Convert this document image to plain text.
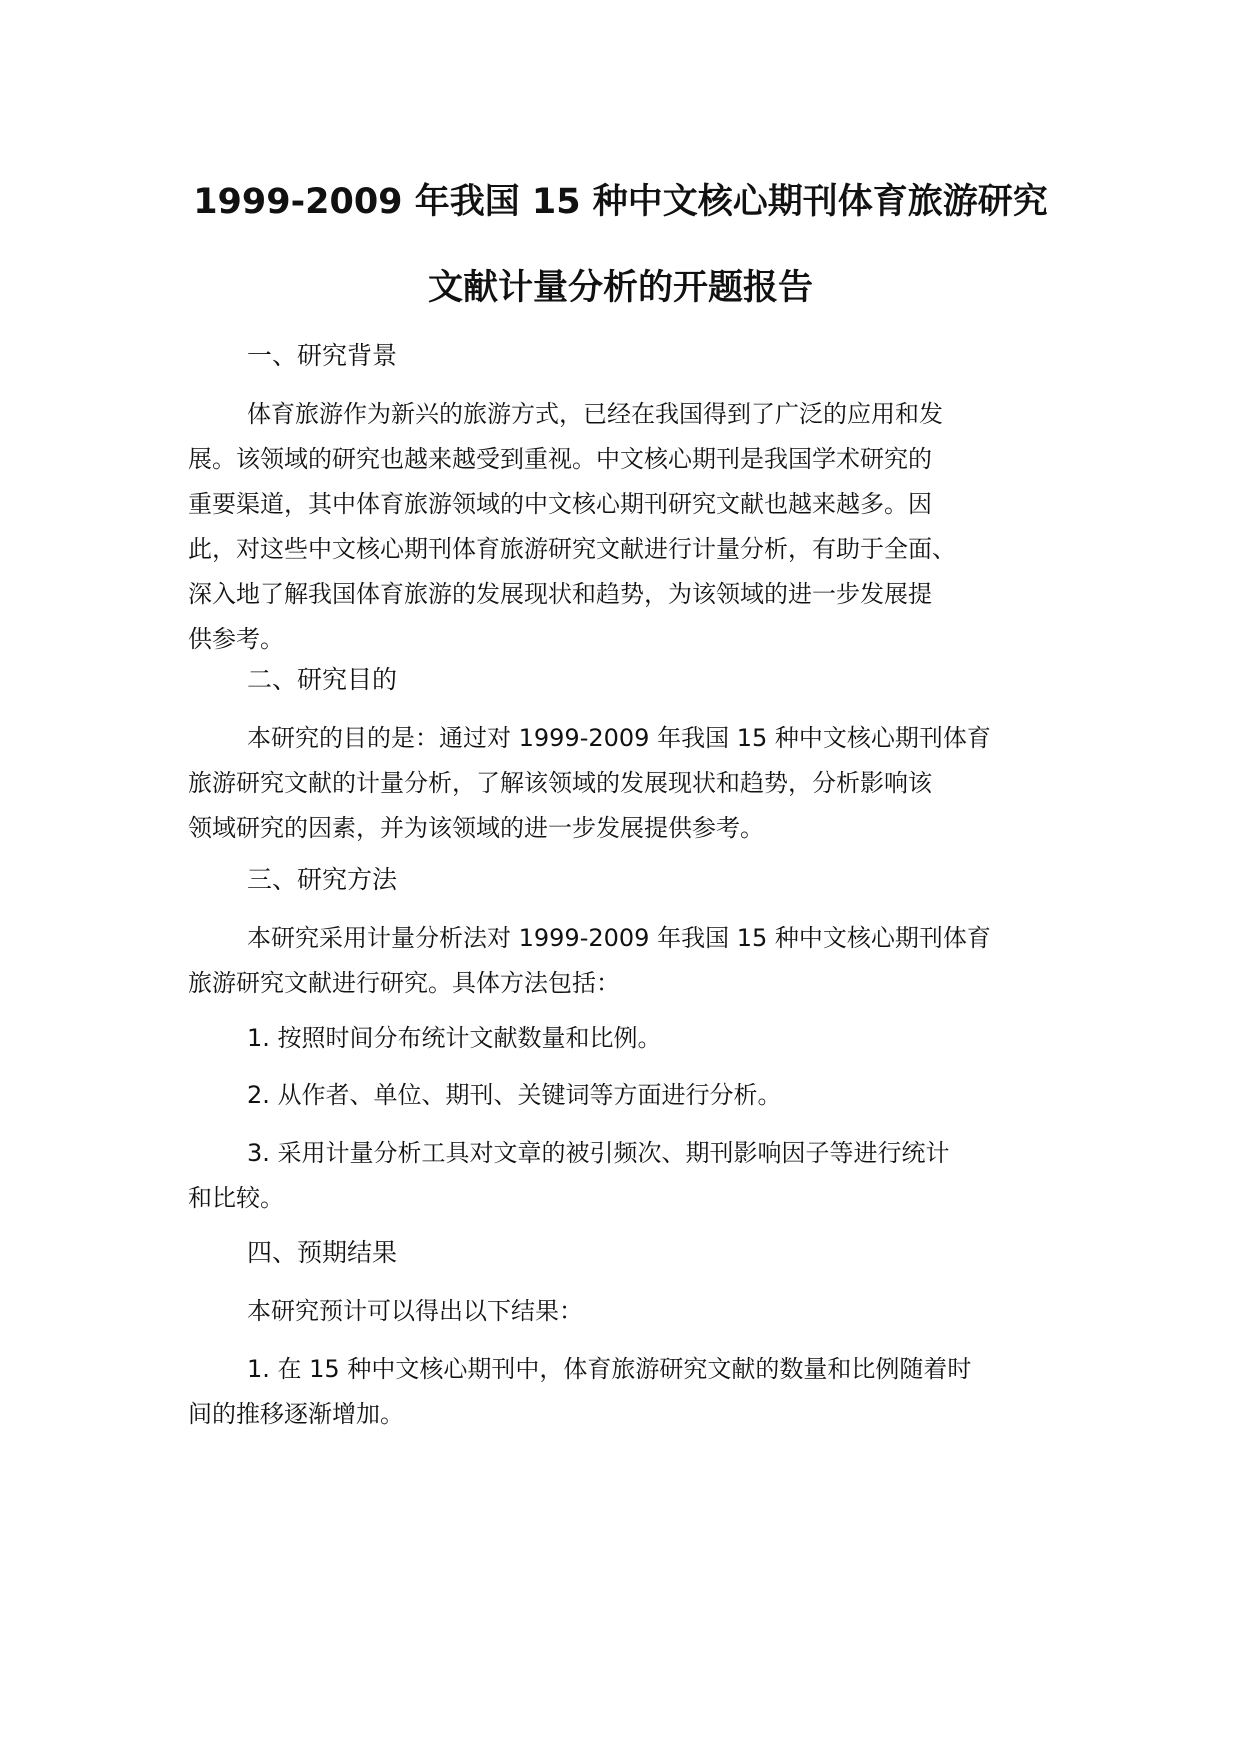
1999-2009 年我国 15 种中文核心期刊体育旅游研究
文献计量分析的开题报告

一、研究背景

体育旅游作为新兴的旅游方式，已经在我国得到了广泛的应用和发
展。该领域的研究也越来越受到重视。中文核心期刊是我国学术研究的
重要渠道，其中体育旅游领域的中文核心期刊研究文献也越来越多。因
此，对这些中文核心期刊体育旅游研究文献进行计量分析，有助于全面、
深入地了解我国体育旅游的发展现状和趋势，为该领域的进一步发展提
供参考。

二、研究目的

本研究的目的是：通过对 1999-2009 年我国 15 种中文核心期刊体育
旅游研究文献的计量分析，了解该领域的发展现状和趋势，分析影响该
领域研究的因素，并为该领域的进一步发展提供参考。

三、研究方法

本研究采用计量分析法对 1999-2009 年我国 15 种中文核心期刊体育
旅游研究文献进行研究。具体方法包括：
1. 按照时间分布统计文献数量和比例。
2. 从作者、单位、期刊、关键词等方面进行分析。
3. 采用计量分析工具对文章的被引频次、期刊影响因子等进行统计
和比较。

四、预期结果

本研究预计可以得出以下结果：
1. 在 15 种中文核心期刊中，体育旅游研究文献的数量和比例随着时
间的推移逐渐增加。
